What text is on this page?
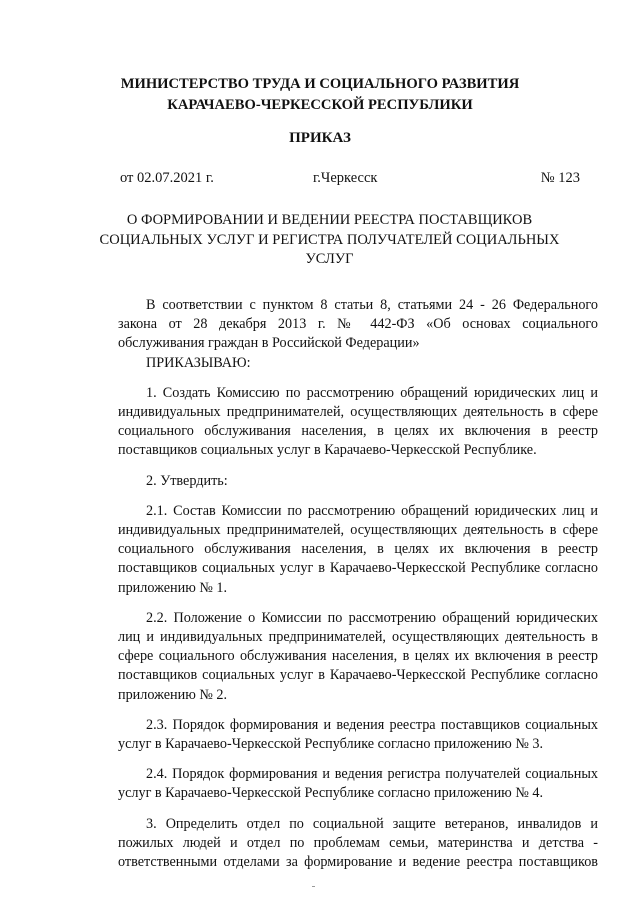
МИНИСТЕРСТВО ТРУДА И СОЦИАЛЬНОГО РАЗВИТИЯ
КАРАЧАЕВО-ЧЕРКЕССКОЙ РЕСПУБЛИКИ
ПРИКАЗ
от 02.07.2021 г.	г.Черкесск	№ 123
О ФОРМИРОВАНИИ И ВЕДЕНИИ РЕЕСТРА ПОСТАВЩИКОВ СОЦИАЛЬНЫХ УСЛУГ И РЕГИСТРА ПОЛУЧАТЕЛЕЙ СОЦИАЛЬНЫХ УСЛУГ

В соответствии с пунктом 8 статьи 8, статьями 24 - 26 Федерального закона от 28 декабря 2013 г. № 442-ФЗ «Об основах социального обслуживания граждан в Российской Федерации»

ПРИКАЗЫВАЮ:

1. Создать Комиссию по рассмотрению обращений юридических лиц и индивидуальных предпринимателей, осуществляющих деятельность в сфере социального обслуживания населения, в целях их включения в реестр поставщиков социальных услуг в Карачаево-Черкесской Республике.

2. Утвердить:

2.1. Состав Комиссии по рассмотрению обращений юридических лиц и индивидуальных предпринимателей, осуществляющих деятельность в сфере социального обслуживания населения, в целях их включения в реестр поставщиков социальных услуг в Карачаево-Черкесской Республике согласно приложению № 1.

2.2. Положение о Комиссии по рассмотрению обращений юридических лиц и индивидуальных предпринимателей, осуществляющих деятельность в сфере социального обслуживания населения, в целях их включения в реестр поставщиков социальных услуг в Карачаево-Черкесской Республике согласно приложению № 2.

2.3. Порядок формирования и ведения реестра поставщиков социальных услуг в Карачаево-Черкесской Республике согласно приложению № 3.

2.4. Порядок формирования и ведения регистра получателей социальных услуг в Карачаево-Черкесской Республике согласно приложению № 4.

3. Определить отдел по социальной защите ветеранов, инвалидов и пожилых людей и отдел по проблемам семьи, материнства и детства - ответственными отделами за формирование и ведение реестра поставщиков
